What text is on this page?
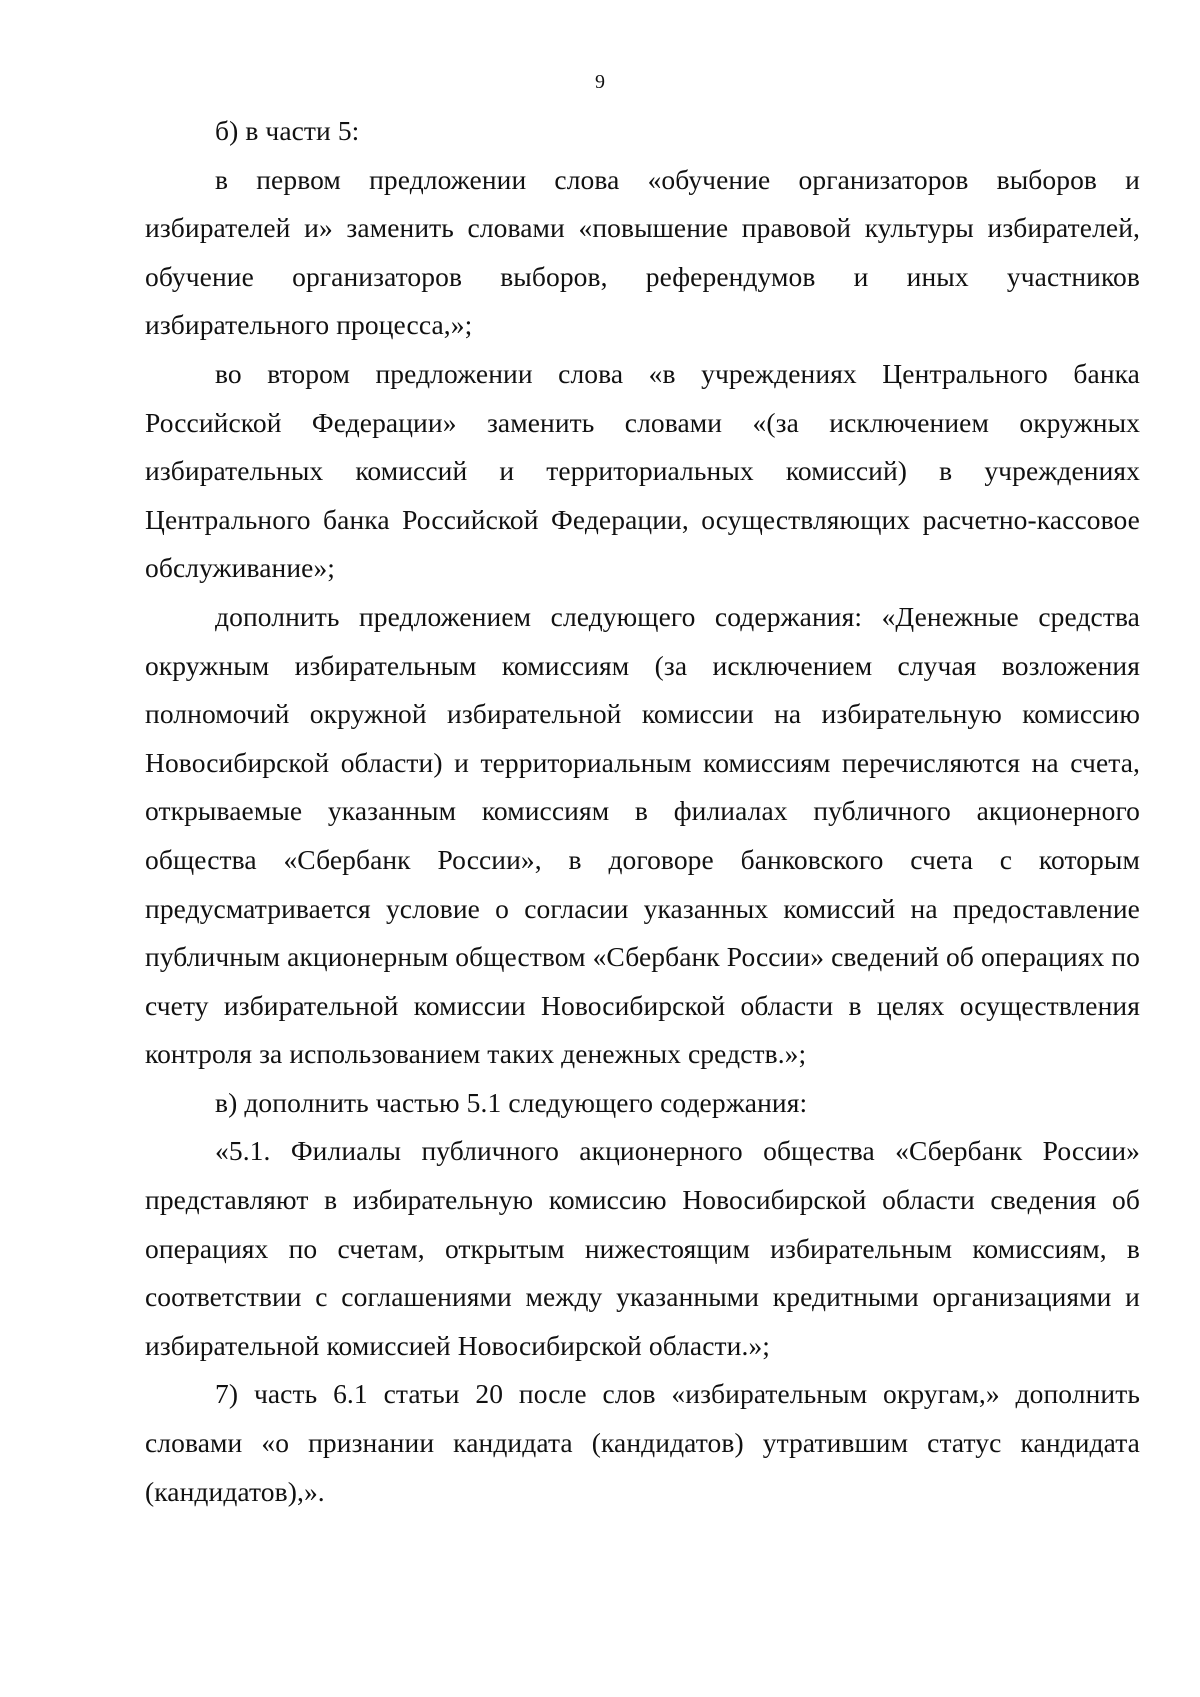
9

б) в части 5:

в первом предложении слова «обучение организаторов выборов и избирателей и» заменить словами «повышение правовой культуры избирателей, обучение организаторов выборов, референдумов и иных участников избирательного процесса,»;

во втором предложении слова «в учреждениях Центрального банка Российской Федерации» заменить словами «(за исключением окружных избирательных комиссий и территориальных комиссий) в учреждениях Центрального банка Российской Федерации, осуществляющих расчетно-кассовое обслуживание»;

дополнить предложением следующего содержания: «Денежные средства окружным избирательным комиссиям (за исключением случая возложения полномочий окружной избирательной комиссии на избирательную комиссию Новосибирской области) и территориальным комиссиям перечисляются на счета, открываемые указанным комиссиям в филиалах публичного акционерного общества «Сбербанк России», в договоре банковского счета с которым предусматривается условие о согласии указанных комиссий на предоставление публичным акционерным обществом «Сбербанк России» сведений об операциях по счету избирательной комиссии Новосибирской области в целях осуществления контроля за использованием таких денежных средств.»;

в) дополнить частью 5.1 следующего содержания:

«5.1. Филиалы публичного акционерного общества «Сбербанк России» представляют в избирательную комиссию Новосибирской области сведения об операциях по счетам, открытым нижестоящим избирательным комиссиям, в соответствии с соглашениями между указанными кредитными организациями и избирательной комиссией Новосибирской области.»;

7) часть 6.1 статьи 20 после слов «избирательным округам,» дополнить словами «о признании кандидата (кандидатов) утратившим статус кандидата (кандидатов),».
